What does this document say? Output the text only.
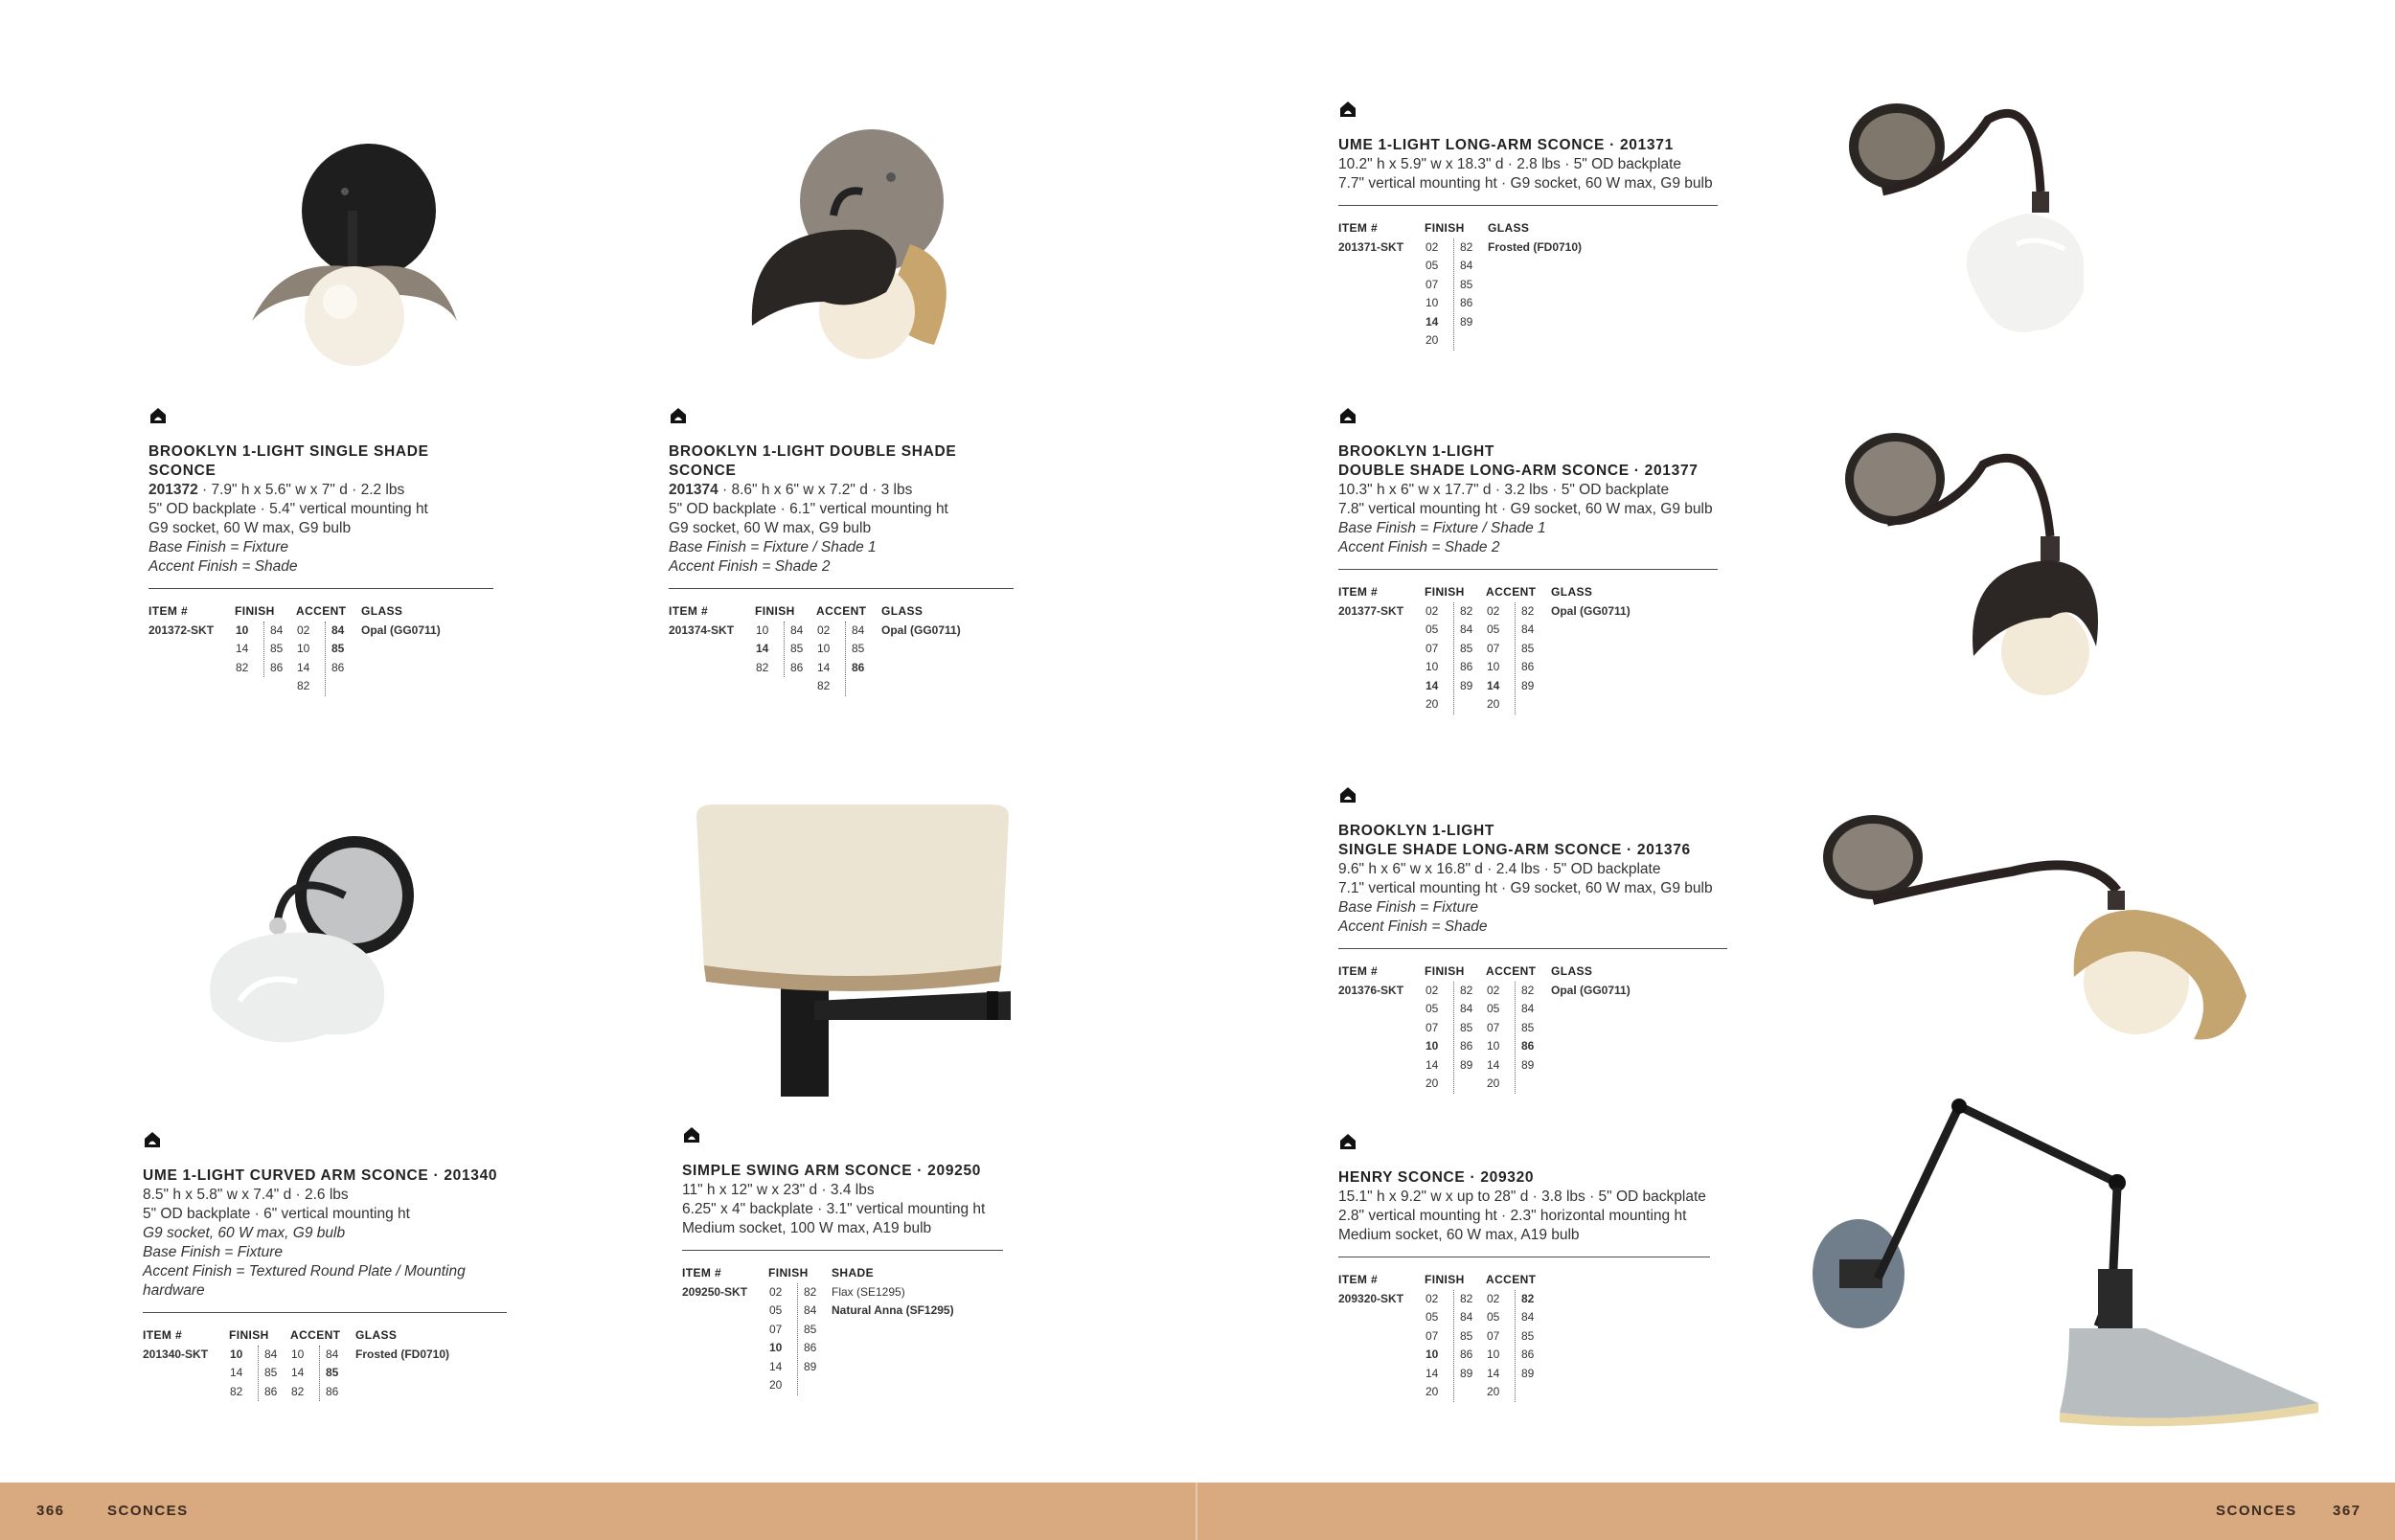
BROOKLYN 1-LIGHT SINGLE SHADE SCONCE
201372 · 7.9" h x 5.6" w x 7" d · 2.2 lbs
5" OD backplate · 5.4" vertical mounting ht
G9 socket, 60 W max, G9 bulb
Base Finish = Fixture
Accent Finish = Shade
ITEM #
201372-SKT
FINISH
10
14
82
84
85
86
ACCENT
02
10
14
82
84
85
86

GLASS
Opal (GG0711)
BROOKLYN 1-LIGHT DOUBLE SHADE SCONCE
201374 · 8.6" h x 6" w x 7.2" d · 3 lbs
5" OD backplate · 6.1" vertical mounting ht
G9 socket, 60 W max, G9 bulb
Base Finish = Fixture / Shade 1
Accent Finish = Shade 2
ITEM #
201374-SKT
FINISH
10
14
82
84
85
86
ACCENT
02
10
14
82
84
85
86

GLASS
Opal (GG0711)
UME 1-LIGHT CURVED ARM SCONCE · 201340
8.5" h x 5.8" w x 7.4" d · 2.6 lbs
5" OD backplate · 6" vertical mounting ht
G9 socket, 60 W max, G9 bulb
Base Finish = Fixture
Accent Finish = Textured Round Plate / Mounting hardware
ITEM #
201340-SKT
FINISH
10
14
82
84
85
86
ACCENT
10
14
82
84
85
86
GLASS
Frosted (FD0710)
SIMPLE SWING ARM SCONCE · 209250
11" h x 12" w x 23" d · 3.4 lbs
6.25" x 4" backplate · 3.1" vertical mounting ht
Medium socket, 100 W max, A19 bulb
ITEM #
209250-SKT
FINISH
02
05
07
10
14
20
82
84
85
86
89

SHADE
Flax (SE1295)
Natural Anna (SF1295)
UME 1-LIGHT LONG-ARM SCONCE · 201371
10.2" h x 5.9" w x 18.3" d · 2.8 lbs · 5" OD backplate
7.7" vertical mounting ht · G9 socket, 60 W max, G9 bulb
ITEM #
201371-SKT
FINISH
02
05
07
10
14
20
82
84
85
86
89

GLASS
Frosted (FD0710)
BROOKLYN 1-LIGHT
DOUBLE SHADE LONG-ARM SCONCE · 201377
10.3" h x 6" w x 17.7" d · 3.2 lbs · 5" OD backplate
7.8" vertical mounting ht · G9 socket, 60 W max, G9 bulb
Base Finish = Fixture / Shade 1
Accent Finish = Shade 2
ITEM #
201377-SKT
FINISH
02
05
07
10
14
20
82
84
85
86
89

ACCENT
02
05
07
10
14
20
82
84
85
86
89

GLASS
Opal (GG0711)
BROOKLYN 1-LIGHT
SINGLE SHADE LONG-ARM SCONCE · 201376
9.6" h x 6" w x 16.8" d · 2.4 lbs · 5" OD backplate
7.1" vertical mounting ht · G9 socket, 60 W max, G9 bulb
Base Finish = Fixture
Accent Finish = Shade
ITEM #
201376-SKT
FINISH
02
05
07
10
14
20
82
84
85
86
89

ACCENT
02
05
07
10
14
20
82
84
85
86
89

GLASS
Opal (GG0711)
HENRY SCONCE · 209320
15.1" h x 9.2" w x up to 28" d · 3.8 lbs · 5" OD backplate
2.8" vertical mounting ht · 2.3" horizontal mounting ht
Medium socket, 60 W max, A19 bulb
ITEM #
209320-SKT
FINISH
02
05
07
10
14
20
82
84
85
86
89

ACCENT
02
05
07
10
14
20
82
84
85
86
89

366	SCONCES	SCONCES 367
